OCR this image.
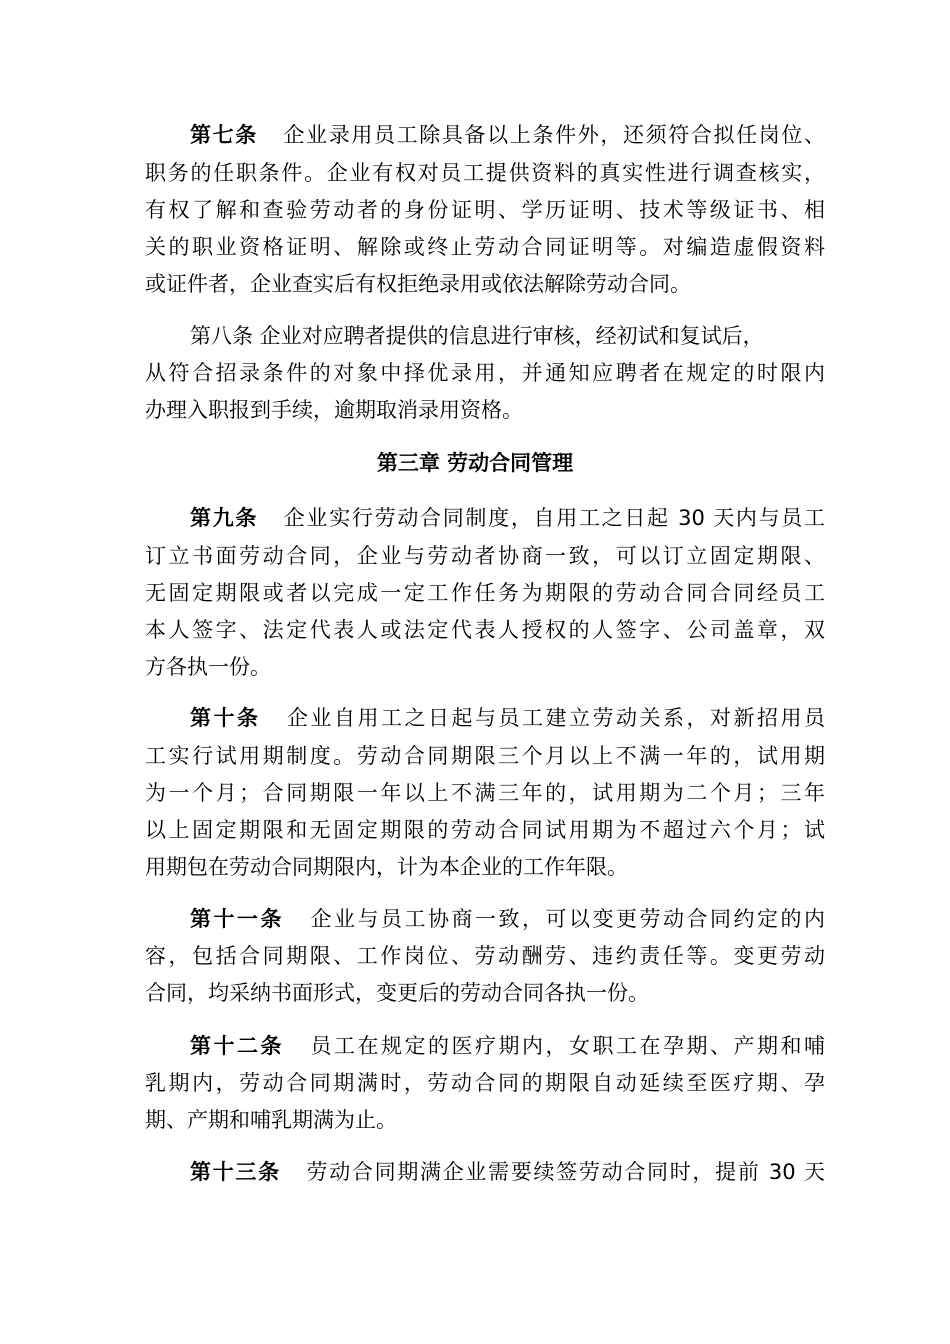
第七条 企业录用员工除具备以上条件外，还须符合拟任岗位、
职务的任职条件。企业有权对员工提供资料的真实性进行调查核实，
有权了解和查验劳动者的身份证明、学历证明、技术等级证书、相
关的职业资格证明、解除或终止劳动合同证明等。对编造虚假资料
或证件者，企业查实后有权拒绝录用或依法解除劳动合同。
第八条 企业对应聘者提供的信息进行审核，经初试和复试后，
从符合招录条件的对象中择优录用，并通知应聘者在规定的时限内
办理入职报到手续，逾期取消录用资格。
第三章 劳动合同管理
第九条 企业实行劳动合同制度，自用工之日起 30 天内与员工
订立书面劳动合同，企业与劳动者协商一致，可以订立固定期限、
无固定期限或者以完成一定工作任务为期限的劳动合同合同经员工
本人签字、法定代表人或法定代表人授权的人签字、公司盖章，双
方各执一份。
第十条 企业自用工之日起与员工建立劳动关系，对新招用员
工实行试用期制度。劳动合同期限三个月以上不满一年的，试用期
为一个月；合同期限一年以上不满三年的，试用期为二个月；三年
以上固定期限和无固定期限的劳动合同试用期为不超过六个月；试
用期包在劳动合同期限内，计为本企业的工作年限。
第十一条 企业与员工协商一致，可以变更劳动合同约定的内
容，包括合同期限、工作岗位、劳动酬劳、违约责任等。变更劳动
合同，均采纳书面形式，变更后的劳动合同各执一份。
第十二条 员工在规定的医疗期内，女职工在孕期、产期和哺
乳期内，劳动合同期满时，劳动合同的期限自动延续至医疗期、孕
期、产期和哺乳期满为止。
第十三条 劳动合同期满企业需要续签劳动合同时，提前 30 天
